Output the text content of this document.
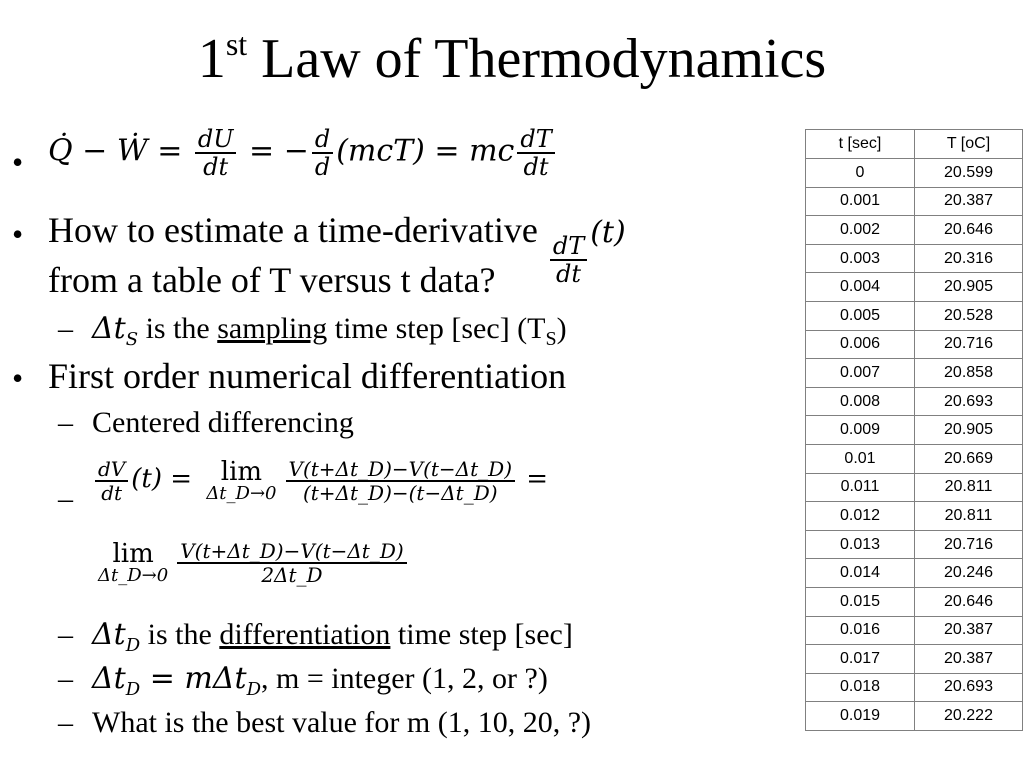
1st Law of Thermodynamics
• Q̇ − Ẇ = $\frac{dU}{dt}$ = − $\frac{d}{d} (mcT)$ = mc $\frac{dT}{dt}$
• How to estimate a time-derivative
$\frac{dT}{dt}$
(t)
from a table of T versus t data?
– $\Delta t_S$ is the sampling time step [sec] $(T_S)$
• First order numerical differentiation
– Centered differencing
– $\frac{dV}{dt} (t) = \lim$
Δt_D→0 $\frac{V(t+\Delta t\_D)-V(t-\Delta t\_D)}{(t+\Delta t\_D)-(t-\Delta t\_D)}$ =
lim
Δt_D→0 $\frac{V(t+\Delta t\_D)-V(t-\Delta t\_D)}{2\Delta t\_D}$
– $\Delta t_D$ is the differentiation time step [sec]
– $\Delta t_D = m\Delta t_D$, m = integer (1, 2, or ?)
– What is the best value for m (1, 10, 20, ?)
t [sec]	T [oC]
0	20.599
0.001	20.387
0.002	20.646
0.003	20.316
0.004	20.905
0.005	20.528
0.006	20.716
0.007	20.858
0.008	20.693
0.009	20.905
0.01	20.669
0.011	20.811
0.012	20.811
0.013	20.716
0.014	20.246
0.015	20.646
0.016	20.387
0.017	20.387
0.018	20.693
0.019	20.222
